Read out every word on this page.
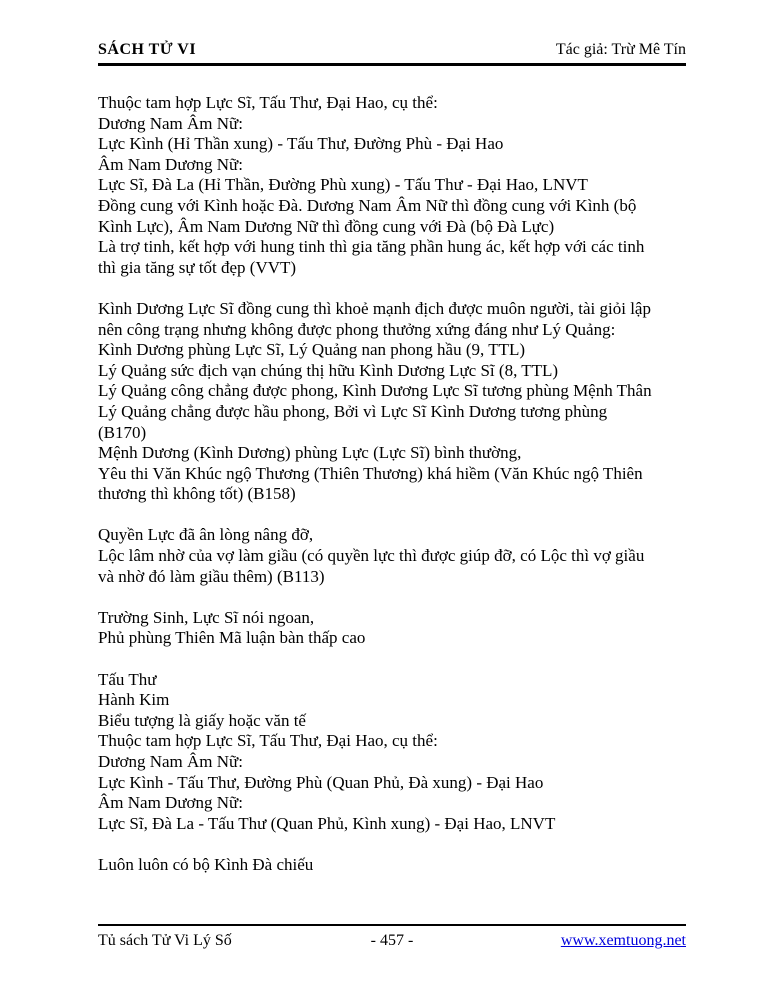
SÁCH TỬ VI	Tác giả: Trừ Mê Tín
Thuộc tam hợp Lực Sĩ, Tấu Thư, Đại Hao, cụ thể:
Dương Nam Âm Nữ:
Lực Kình (Hỉ Thần xung) - Tấu Thư, Đường Phù - Đại Hao
Âm Nam Dương Nữ:
Lực Sĩ, Đà La (Hỉ Thần, Đường Phù xung) - Tấu Thư - Đại Hao, LNVT
Đồng cung với Kình hoặc Đà. Dương Nam Âm Nữ thì đồng cung với Kình (bộ
Kình Lực), Âm Nam Dương Nữ thì đồng cung với Đà (bộ Đà Lực)
Là trợ tinh, kết hợp với hung tinh thì gia tăng phần hung ác, kết hợp với các tinh
thì gia tăng sự tốt đẹp (VVT)
Kình Dương Lực Sĩ đồng cung thì khoẻ mạnh địch được muôn người, tài giỏi lập
nên công trạng nhưng không được phong thưởng xứng đáng như Lý Quảng:
Kình Dương phùng Lực Sĩ, Lý Quảng nan phong hầu (9, TTL)
Lý Quảng sức địch vạn chúng thị hữu Kình Dương Lực Sĩ (8, TTL)
Lý Quảng công chẳng được phong, Kình Dương Lực Sĩ tương phùng Mệnh Thân
Lý Quảng chẳng được hầu phong, Bởi vì Lực Sĩ Kình Dương tương phùng
(B170)
Mệnh Dương (Kình Dương) phùng Lực (Lực Sĩ) bình thường,
Yêu thi Văn Khúc ngộ Thương (Thiên Thương) khá hiềm (Văn Khúc ngộ Thiên
thương thì không tốt) (B158)
Quyền Lực đã ân lòng nâng đỡ,
Lộc lâm nhờ của vợ làm giầu (có quyền lực thì được giúp đỡ, có Lộc thì vợ giầu
và nhờ đó làm giầu thêm) (B113)
Trường Sinh, Lực Sĩ nói ngoan,
Phủ phùng Thiên Mã luận bàn thấp cao
Tấu Thư
Hành Kim
Biểu tượng là giấy hoặc văn tế
Thuộc tam hợp Lực Sĩ, Tấu Thư, Đại Hao, cụ thể:
Dương Nam Âm Nữ:
Lực Kình - Tấu Thư, Đường Phù (Quan Phủ, Đà xung) - Đại Hao
Âm Nam Dương Nữ:
Lực Sĩ, Đà La - Tấu Thư (Quan Phủ, Kình xung) - Đại Hao, LNVT
Luôn luôn có bộ Kình Đà chiếu
Tủ sách Tử Vi Lý Số	- 457 -	www.xemtuong.net
